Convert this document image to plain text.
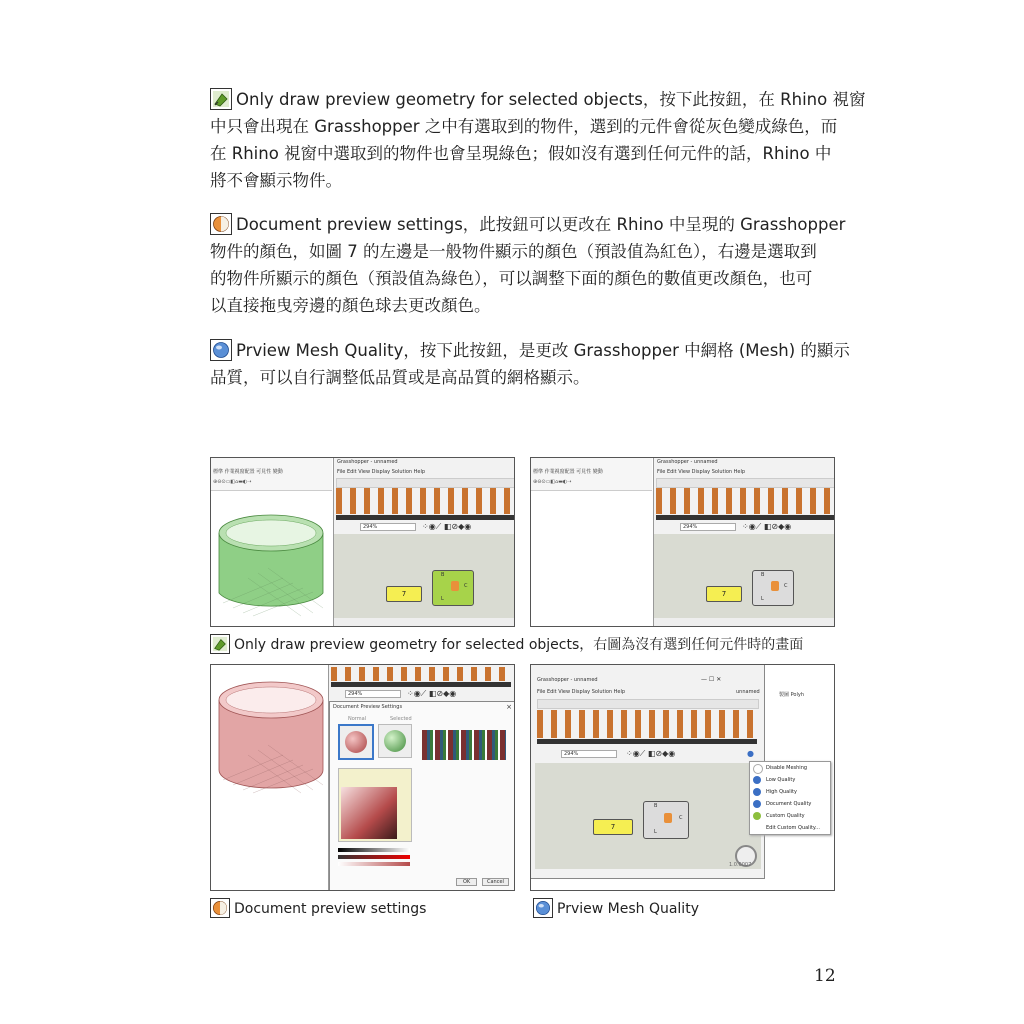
Only draw preview geometry for selected objects，按下此按鈕，在 Rhino 視窗
中只會出現在 Grasshopper 之中有選取到的物件，選到的元件會從灰色變成綠色，而
在 Rhino 視窗中選取到的物件也會呈現綠色；假如沒有選到任何元件的話，Rhino 中
將不會顯示物件。
Document preview settings，此按鈕可以更改在 Rhino 中呈現的 Grasshopper
物件的顏色，如圖 7 的左邊是一般物件顯示的顏色（預設值為紅色），右邊是選取到
的物件所顯示的顏色（預設值為綠色），可以調整下面的顏色的數值更改顏色，也可
以直接拖曳旁邊的顏色球去更改顏色。
Prview Mesh Quality，按下此按鈕，是更改 Grasshopper 中網格 (Mesh) 的顯示
品質，可以自行調整低品質或是高品質的網格顯示。
標準 作業視窗配置 可見性 變動
⊕⊖⊙▭◧⌂▬◐⇢
Grasshopper - unnamed
File Edit View Display Solution Help
294%	⁘◉⟋ ◧⊘◆◉
7
B
L
C
標準 作業視窗配置 可見性 變動
⊕⊖⊙▭◧⌂▬◐⇢
Grasshopper - unnamed
File Edit View Display Solution Help
294%	⁘◉⟋ ◧⊘◆◉
7
B
L
C
Only draw preview geometry for selected objects，右圖為沒有選到任何元件時的畫面
294%	⁘◉⟋ ◧⊘◆◉
Document Preview Settings	×
Normal	Selected
OK	Cancel
Grasshopper - unnamed	— ☐ ✕
File Edit View Display Solution Help	unnamed
294%	⁘◉⟋ ◧⊘◆◉	●
7
B
L
C
1.0.0007
製圖 Polyh
Disable Meshing
Low Quality
High Quality
Document Quality
Custom Quality
Edit Custom Quality...
Document preview settings	Prview Mesh Quality
12
